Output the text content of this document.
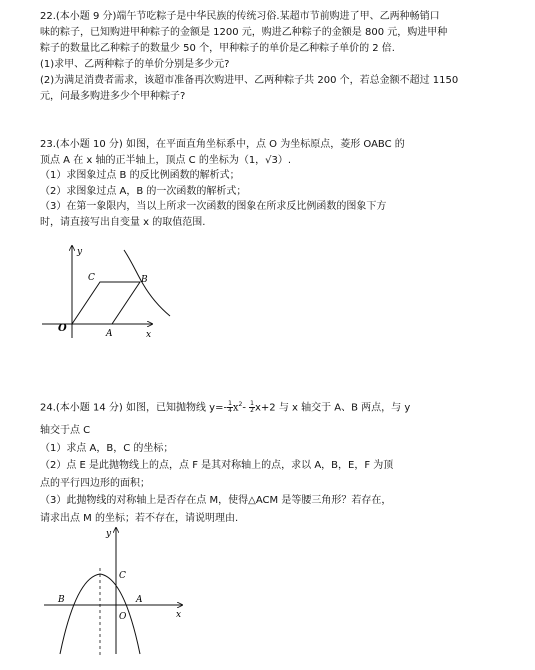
22.(本小题 9 分)端午节吃粽子是中华民族的传统习俗.某超市节前购进了甲、乙两种畅销口
味的粽子，已知购进甲种粽子的金额是 1200 元，购进乙种粽子的金额是 800 元，购进甲种
粽子的数量比乙种粽子的数量少 50 个，甲种粽子的单价是乙种粽子单价的 2 倍.
(1)求甲、乙两种粽子的单价分别是多少元?
(2)为满足消费者需求，该超市准备再次购进甲、乙两种粽子共 200 个，若总金额不超过 1150
元，问最多购进多少个甲种粽子?
23.(本小题 10 分) 如图，在平面直角坐标系中，点 O 为坐标原点，菱形 OABC 的
顶点 A 在 x 轴的正半轴上，顶点 C 的坐标为（1，√3）.
（1）求图象过点 B 的反比例函数的解析式；
（2）求图象过点 A，B 的一次函数的解析式；
（3）在第一象限内，当以上所求一次函数的图象在所求反比例函数的图象下方
时，请直接写出自变量 x 的取值范围.
y
x
O	A
B
C
24.(本小题 14 分) 如图，已知抛物线 $y=- \frac{1}{4} x^2- \frac{1}{2} x+2$ 与 x 轴交于 A、B 两点，与 y
轴交于点 C
（1）求点 A，B，C 的坐标；
（2）点 E 是此抛物线上的点，点 F 是其对称轴上的点，求以 A，B，E，F 为顶
点的平行四边形的面积；
（3）此抛物线的对称轴上是否存在点 M，使得△ACM 是等腰三角形？若存在，
请求出点 M 的坐标；若不存在，请说明理由.
y
x
O
A
B
C
